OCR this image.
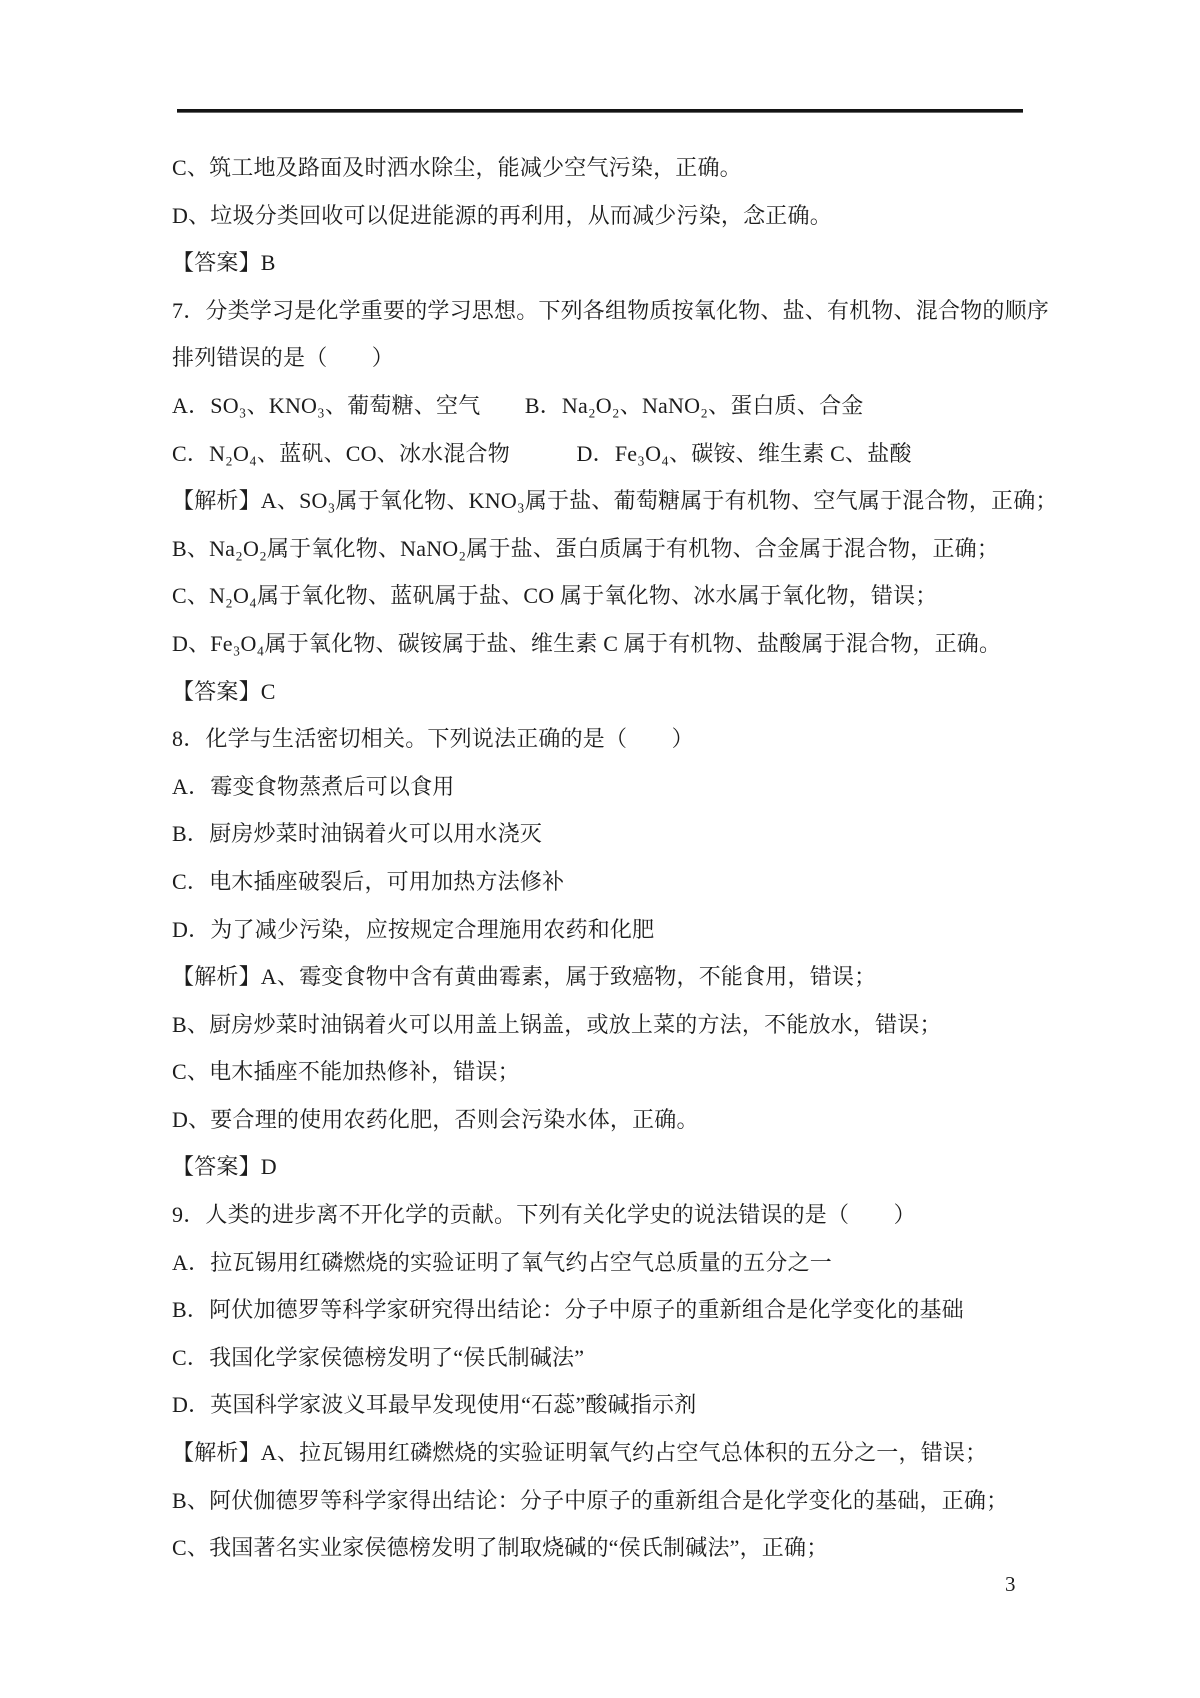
C、筑工地及路面及时洒水除尘，能减少空气污染，正确。

D、垃圾分类回收可以促进能源的再利用，从而减少污染，念正确。

【答案】B

7．分类学习是化学重要的学习思想。下列各组物质按氧化物、盐、有机物、混合物的顺序

排列错误的是（　　）

A．SO₃、KNO₃、葡萄糖、空气　　B．Na₂O₂、NaNO₂、蛋白质、合金

C．N₂O₄、蓝矾、CO、冰水混合物　　　D．Fe₃O₄、碳铵、维生素 C、盐酸

【解析】A、SO₃属于氧化物、KNO₃属于盐、葡萄糖属于有机物、空气属于混合物，正确；

B、Na₂O₂属于氧化物、NaNO₂属于盐、蛋白质属于有机物、合金属于混合物，正确；

C、N₂O₄属于氧化物、蓝矾属于盐、CO 属于氧化物、冰水属于氧化物，错误；

D、Fe₃O₄属于氧化物、碳铵属于盐、维生素 C 属于有机物、盐酸属于混合物，正确。

【答案】C

8．化学与生活密切相关。下列说法正确的是（　　）

A．霉变食物蒸煮后可以食用

B．厨房炒菜时油锅着火可以用水浇灭

C．电木插座破裂后，可用加热方法修补

D．为了减少污染，应按规定合理施用农药和化肥

【解析】A、霉变食物中含有黄曲霉素，属于致癌物，不能食用，错误；

B、厨房炒菜时油锅着火可以用盖上锅盖，或放上菜的方法，不能放水，错误；

C、电木插座不能加热修补，错误；

D、要合理的使用农药化肥，否则会污染水体，正确。

【答案】D

9．人类的进步离不开化学的贡献。下列有关化学史的说法错误的是（　　）

A．拉瓦锡用红磷燃烧的实验证明了氧气约占空气总质量的五分之一

B．阿伏加德罗等科学家研究得出结论：分子中原子的重新组合是化学变化的基础

C．我国化学家侯德榜发明了“侯氏制碱法”

D．英国科学家波义耳最早发现使用“石蕊”酸碱指示剂

【解析】A、拉瓦锡用红磷燃烧的实验证明氧气约占空气总体积的五分之一，错误；

B、阿伏伽德罗等科学家得出结论：分子中原子的重新组合是化学变化的基础，正确；

C、我国著名实业家侯德榜发明了制取烧碱的“侯氏制碱法”，正确；

3
